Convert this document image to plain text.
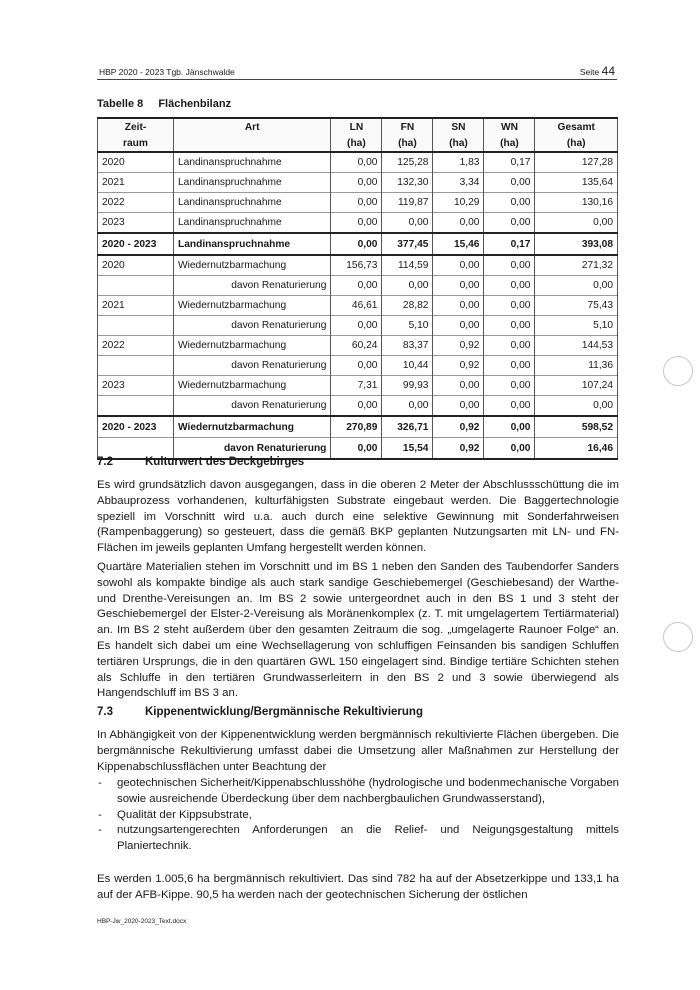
HBP 2020 - 2023 Tgb. Jänschwalde	Seite 44
Tabelle 8 Flächenbilanz
Zeit-	Art	LN	FN	SN	WN	Gesamt
raum		(ha)	(ha)	(ha)	(ha)	(ha)
2020	Landinanspruchnahme	0,00	125,28	1,83	0,17	127,28
2021	Landinanspruchnahme	0,00	132,30	3,34	0,00	135,64
2022	Landinanspruchnahme	0,00	119,87	10,29	0,00	130,16
2023	Landinanspruchnahme	0,00	0,00	0,00	0,00	0,00
2020 - 2023	Landinanspruchnahme	0,00	377,45	15,46	0,17	393,08
2020	Wiedernutzbarmachung	156,73	114,59	0,00	0,00	271,32
	davon Renaturierung	0,00	0,00	0,00	0,00	0,00
2021	Wiedernutzbarmachung	46,61	28,82	0,00	0,00	75,43
	davon Renaturierung	0,00	5,10	0,00	0,00	5,10
2022	Wiedernutzbarmachung	60,24	83,37	0,92	0,00	144,53
	davon Renaturierung	0,00	10,44	0,92	0,00	11,36
2023	Wiedernutzbarmachung	7,31	99,93	0,00	0,00	107,24
	davon Renaturierung	0,00	0,00	0,00	0,00	0,00
2020 - 2023	Wiedernutzbarmachung	270,89	326,71	0,92	0,00	598,52
	davon Renaturierung	0,00	15,54	0,92	0,00	16,46
7.2	Kulturwert des Deckgebirges

Es wird grundsätzlich davon ausgegangen, dass in die oberen 2 Meter der Abschlussschüttung die im Abbauprozess vorhandenen, kulturfähigsten Substrate eingebaut werden. Die Baggertechnologie speziell im Vorschnitt wird u.a. auch durch eine selektive Gewinnung mit Sonderfahrweisen (Rampenbaggerung) so gesteuert, dass die gemäß BKP geplanten Nutzungsarten mit LN- und FN-Flächen im jeweils geplanten Umfang hergestellt werden können.

Quartäre Materialien stehen im Vorschnitt und im BS 1 neben den Sanden des Taubendorfer Sanders sowohl als kompakte bindige als auch stark sandige Geschiebemergel (Geschiebesand) der Warthe- und Drenthe-Vereisungen an. Im BS 2 sowie untergeordnet auch in den BS 1 und 3 steht der Geschiebemergel der Elster-2-Vereisung als Moränenkomplex (z. T. mit umgelagertem Tertiärmaterial) an. Im BS 2 steht außerdem über den gesamten Zeitraum die sog. „umgelagerte Raunoer Folge“ an. Es handelt sich dabei um eine Wechsellagerung von schluffigen Feinsanden bis sandigen Schluffen tertiären Ursprungs, die in den quartären GWL 150 eingelagert sind. Bindige tertiäre Schichten stehen als Schluffe in den tertiären Grundwasserleitern in den BS 2 und 3 sowie überwiegend als Hangendschluff im BS 3 an.

7.3	Kippenentwicklung/Bergmännische Rekultivierung

In Abhängigkeit von der Kippenentwicklung werden bergmännisch rekultivierte Flächen übergeben. Die bergmännische Rekultivierung umfasst dabei die Umsetzung aller Maßnahmen zur Herstellung der Kippenabschlussflächen unter Beachtung der

- geotechnischen Sicherheit/Kippenabschlusshöhe (hydrologische und bodenmechanische Vorgaben sowie ausreichende Überdeckung über dem nachbergbaulichen Grundwasserstand),
- Qualität der Kippsubstrate,
- nutzungsartengerechten Anforderungen an die Relief- und Neigungsgestaltung mittels Planiertechnik.

Es werden 1.005,6 ha bergmännisch rekultiviert. Das sind 782 ha auf der Absetzerkippe und 133,1 ha auf der AFB-Kippe. 90,5 ha werden nach der geotechnischen Sicherung der östlichen

HBP-Jw_2020-2023_Text.docx
